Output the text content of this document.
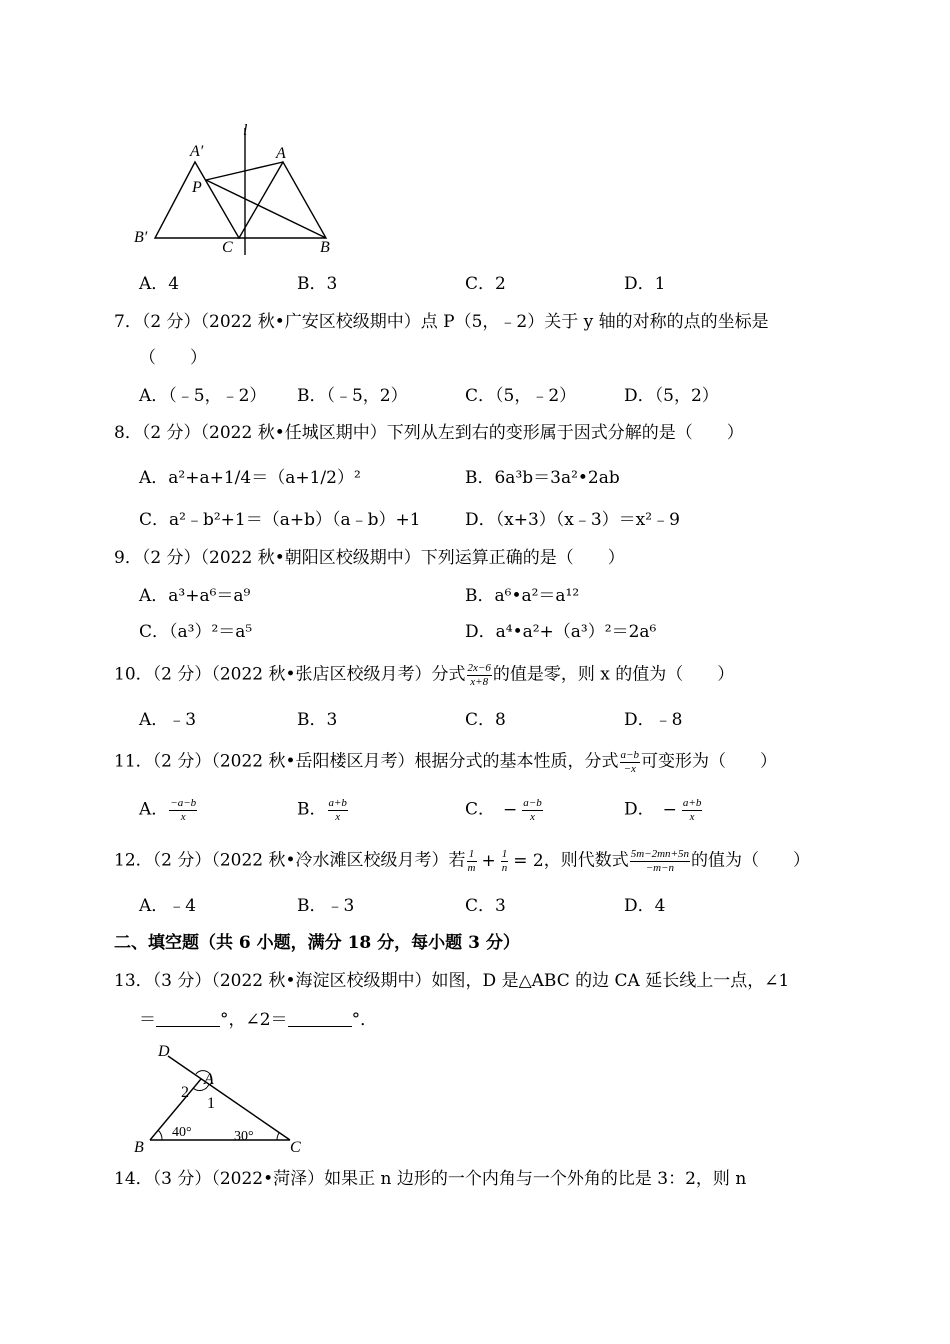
l
A′	A
P
B′
C	B
A．4	B．3	C．2	D．1
7．（2 分）（2022 秋•广安区校级期中）点 P（5，﹣2）关于 y 轴的对称的点的坐标是
（　　）
A．（﹣5，﹣2） B．（﹣5，2）	C．（5，﹣2）	D．（5，2）
8．（2 分）（2022 秋•任城区期中）下列从左到右的变形属于因式分解的是（　　）
A．a²+a+1/4＝（a+1/2）²	B．6a³b＝3a²•2ab
C．a²﹣b²+1＝（a+b）（a﹣b）+1	D．（x+3）（x﹣3）＝x²﹣9
9．（2 分）（2022 秋•朝阳区校级期中）下列运算正确的是（　　）
A．a³+a⁶＝a⁹	B．a⁶•a²＝a¹²
C．（a³）²＝a⁵	D．a⁴•a²+（a³）²＝2a⁶
10．（2 分）（2022 秋•张店区校级月考）分式 $\frac{2x-6}{x+8}$ 的值是零，则 x 的值为（　　）
A．﹣3	B．3	C．8	D．﹣8
11．（2 分）（2022 秋•岳阳楼区月考）根据分式的基本性质，分式 $\frac{a-b}{-x}$ 可变形为（　　）
A． $\frac{-a-b}{x}$	B． $\frac{a+b}{x}$	C． − $\frac{a-b}{x}$	D． − $\frac{a+b}{x}$
12．（2 分）（2022 秋•冷水滩区校级月考）若 $\frac{1}{m} + \frac{1}{n} = 2$，则代数式 $\frac{5m-2mn+5n}{-m-n}$ 的值为（　　）
A．﹣4	B．﹣3	C．3	D．4
二、填空题（共 6 小题，满分 18 分，每小题 3 分）
13．（3 分）（2022 秋•海淀区校级期中）如图，D 是△ABC 的边 CA 延长线上一点，∠1
＝	°，∠2＝	°．
D
A
2
1
B
40°	30°
C
14．（3 分）（2022•菏泽）如果正 n 边形的一个内角与一个外角的比是 3：2，则 n
